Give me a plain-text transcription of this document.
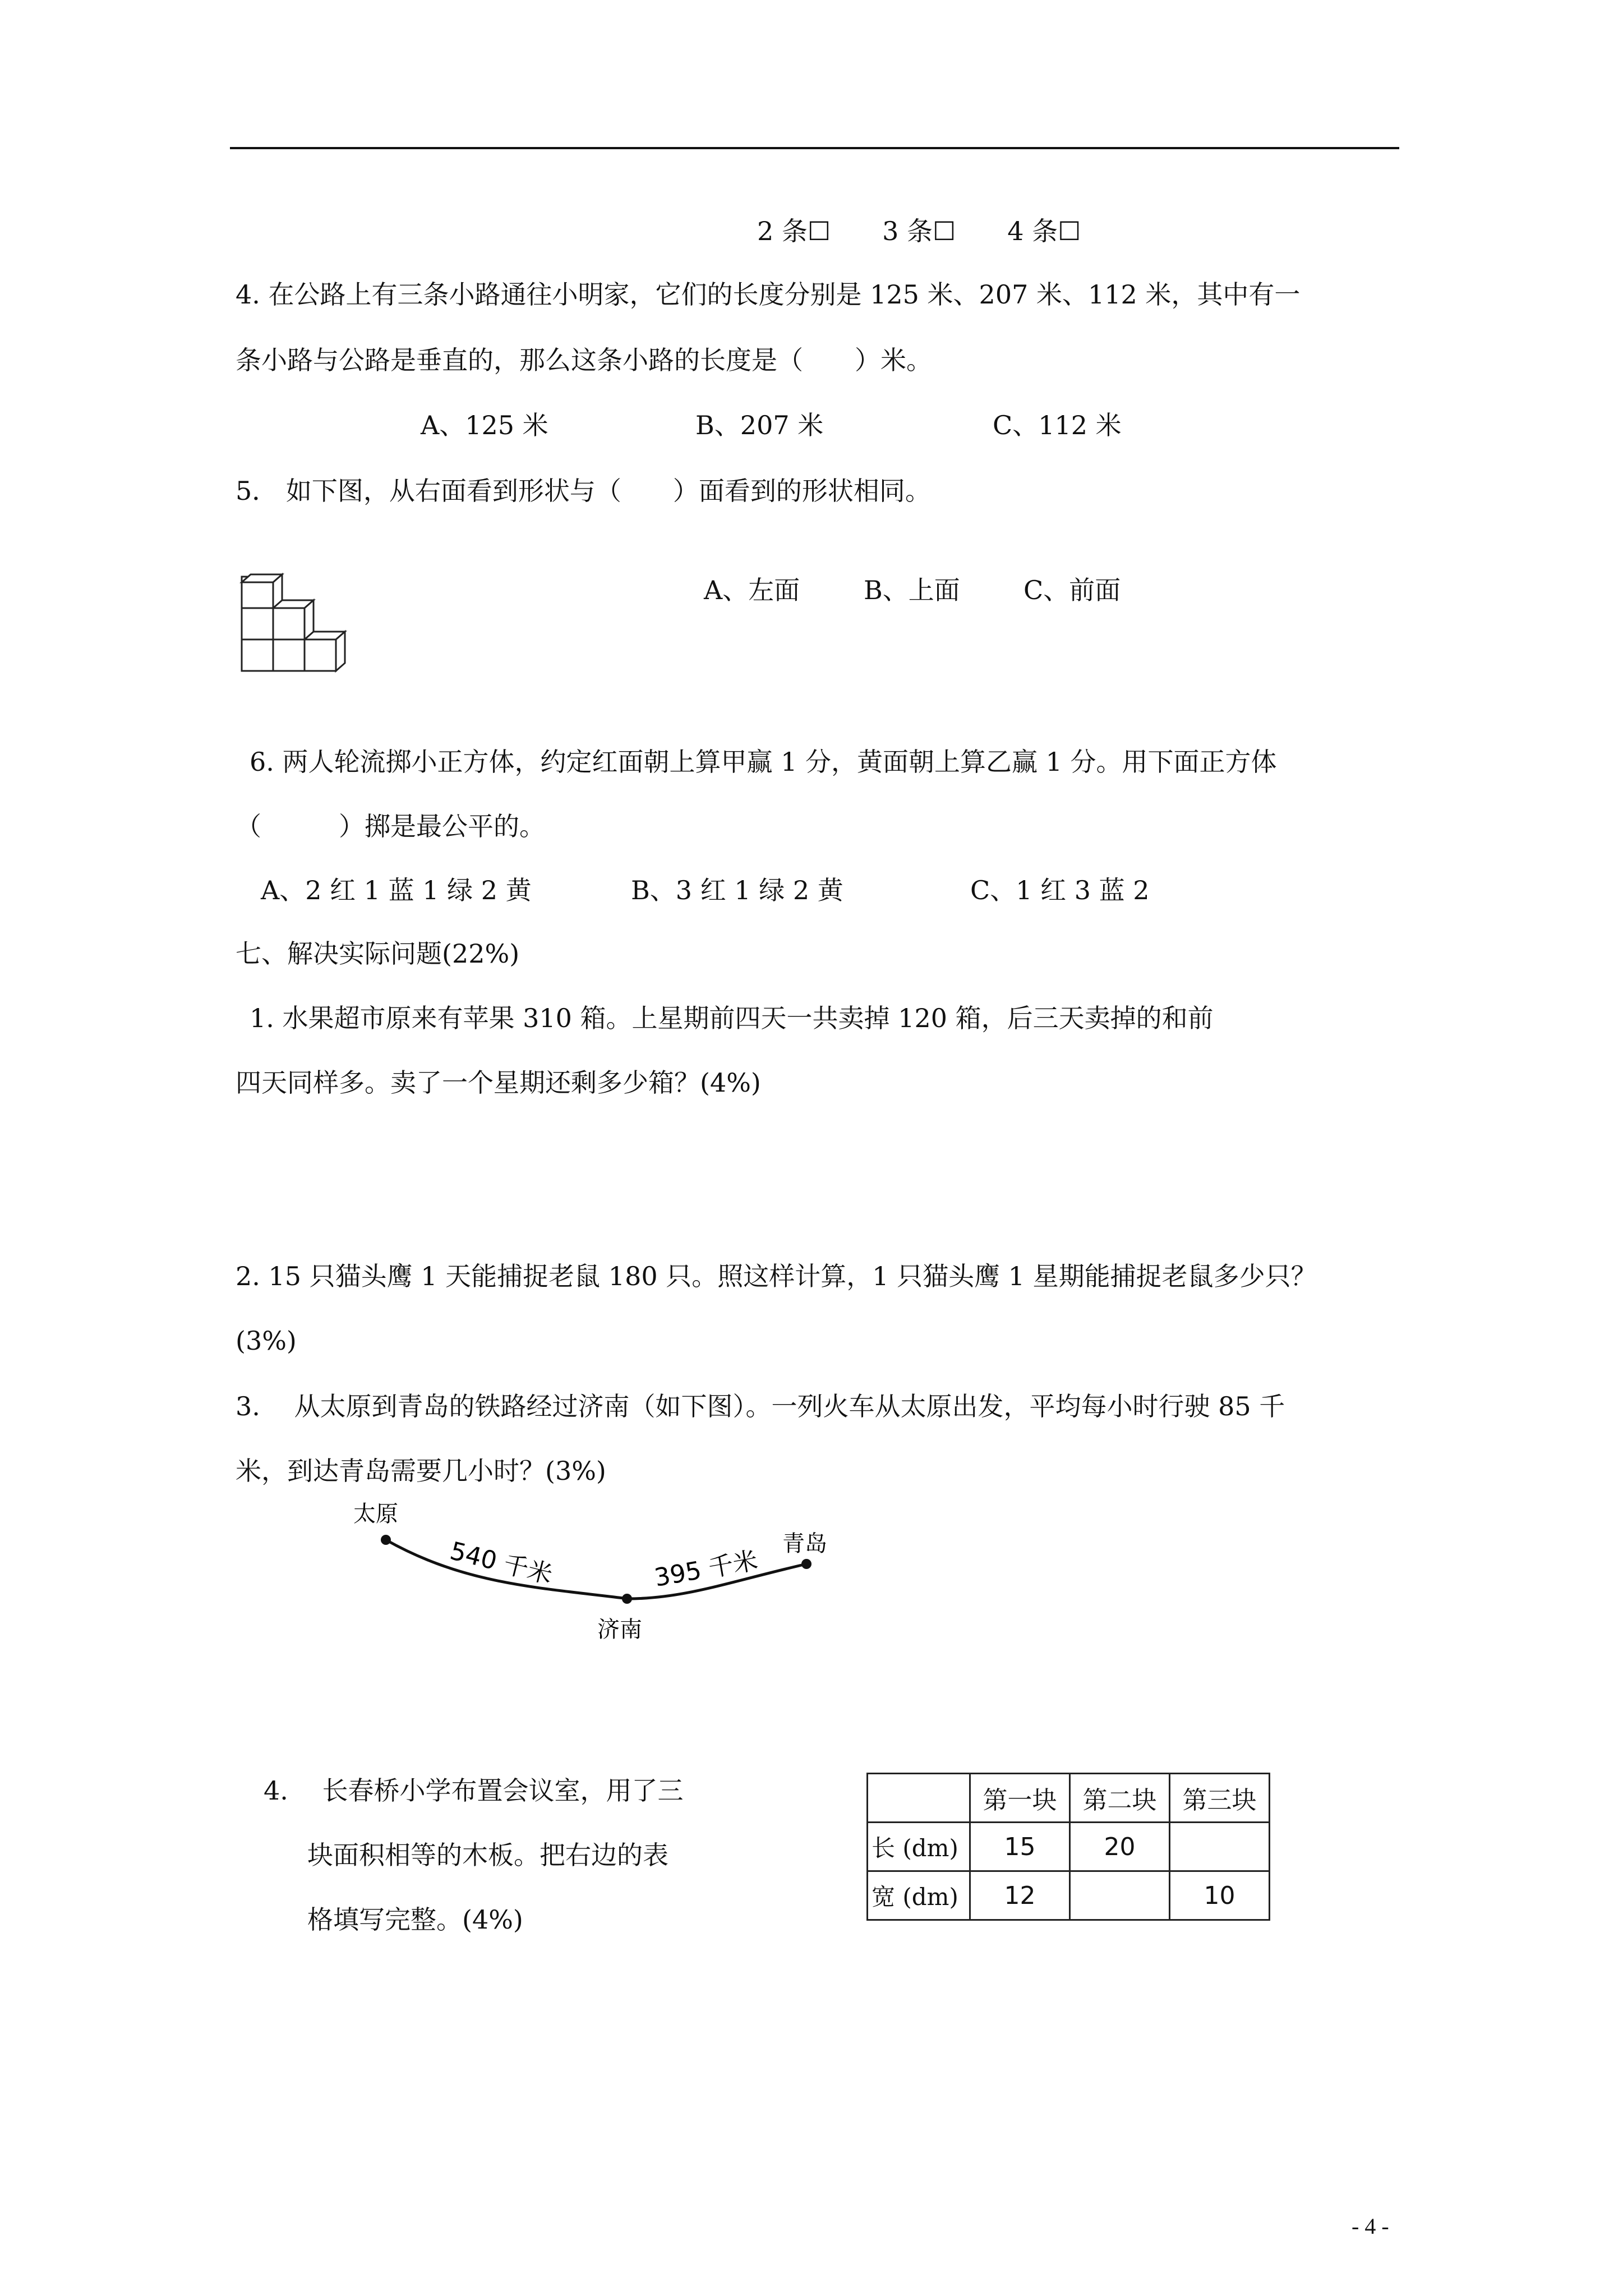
2 条☐　　3 条☐　　4 条☐
4. 在公路上有三条小路通往小明家，它们的长度分别是 125 米、207 米、112 米，其中有一
条小路与公路是垂直的，那么这条小路的长度是（　　）米。
A、125 米	B、207 米	C、112 米
5． 如下图，从右面看到形状与（　　）面看到的形状相同。
A、左面 B、上面 C、前面
6. 两人轮流掷小正方体，约定红面朝上算甲赢 1 分，黄面朝上算乙赢 1 分。用下面正方体
（　　　）掷是最公平的。
A、2 红 1 蓝 1 绿 2 黄	B、3 红 1 绿 2 黄	C、1 红 3 蓝 2
七、解决实际问题(22%)
1. 水果超市原来有苹果 310 箱。上星期前四天一共卖掉 120 箱，后三天卖掉的和前
四天同样多。卖了一个星期还剩多少箱？(4%)
2. 15 只猫头鹰 1 天能捕捉老鼠 180 只。照这样计算，1 只猫头鹰 1 星期能捕捉老鼠多少只？
(3%)
3.　 从太原到青岛的铁路经过济南（如下图）。一列火车从太原出发，平均每小时行驶 85 千
米，到达青岛需要几小时？(3%)
太原
济南
青岛
540 千米	395 千米
4.　 长春桥小学布置会议室，用了三
块面积相等的木板。把右边的表
格填写完整。(4%)
	第一块	第二块	第三块
长 (dm)	15	20	
宽 (dm)	12		10
- 4 -
